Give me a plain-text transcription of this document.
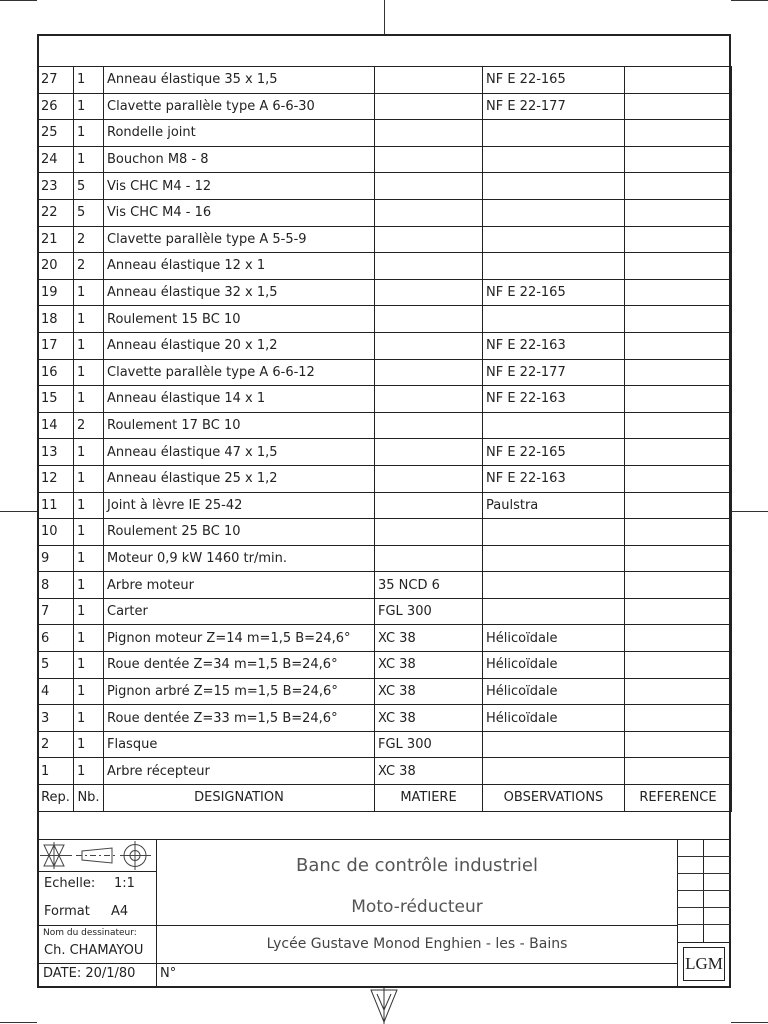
27	1	Anneau élastique 35 x 1,5		NF E 22-165	
26	1	Clavette parallèle type A 6-6-30		NF E 22-177	
25	1	Rondelle joint			
24	1	Bouchon M8 - 8			
23	5	Vis CHC M4 - 12			
22	5	Vis CHC M4 - 16			
21	2	Clavette parallèle type A 5-5-9			
20	2	Anneau élastique 12 x 1			
19	1	Anneau élastique 32 x 1,5		NF E 22-165	
18	1	Roulement 15 BC 10			
17	1	Anneau élastique 20 x 1,2		NF E 22-163	
16	1	Clavette parallèle type A 6-6-12		NF E 22-177	
15	1	Anneau élastique 14 x 1		NF E 22-163	
14	2	Roulement 17 BC 10			
13	1	Anneau élastique 47 x 1,5		NF E 22-165	
12	1	Anneau élastique 25 x 1,2		NF E 22-163	
11	1	Joint à lèvre IE 25-42		Paulstra	
10	1	Roulement 25 BC 10			
9	1	Moteur 0,9 kW 1460 tr/min.			
8	1	Arbre moteur	35 NCD 6		
7	1	Carter	FGL 300		
6	1	Pignon moteur Z=14 m=1,5 B=24,6°	XC 38	Hélicoïdale	
5	1	Roue dentée Z=34 m=1,5 B=24,6°	XC 38	Hélicoïdale	
4	1	Pignon arbré Z=15 m=1,5 B=24,6°	XC 38	Hélicoïdale	
3	1	Roue dentée Z=33 m=1,5 B=24,6°	XC 38	Hélicoïdale	
2	1	Flasque	FGL 300		
1	1	Arbre récepteur	XC 38		
Rep.	Nb.	DESIGNATION	MATIERE	OBSERVATIONS	REFERENCE
Echelle: 1:1
Format A4
Nom du dessinateur:
Ch. CHAMAYOU
DATE: 20/1/80
Banc de contrôle industriel
Moto-réducteur
Lycée Gustave Monod Enghien - les - Bains
N°
LGM
